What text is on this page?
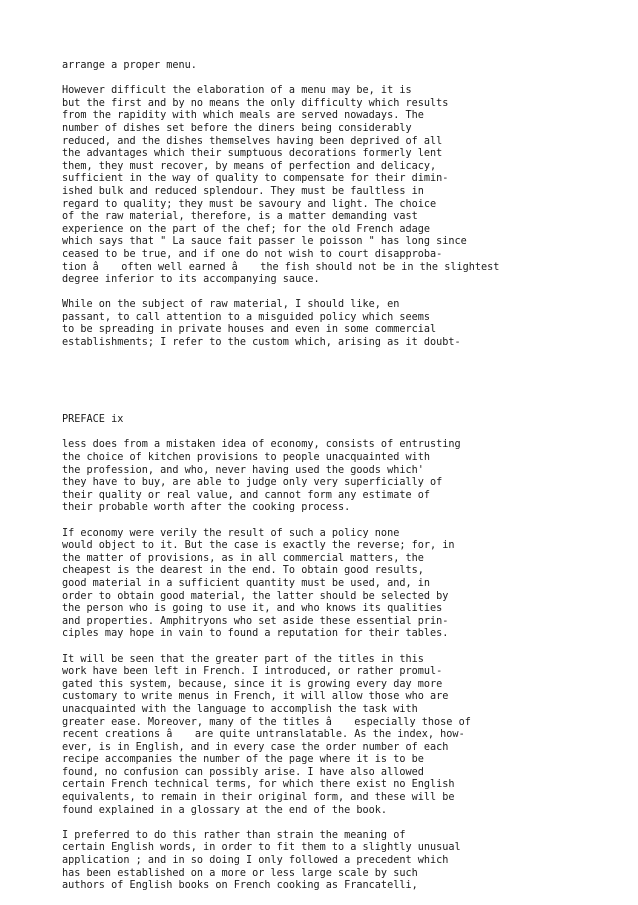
arrange a proper menu.
However difficult the elaboration of a menu may be, it is
but the first and by no means the only difficulty which results
from the rapidity with which meals are served nowadays. The
number of dishes set before the diners being considerably
reduced, and the dishes themselves having been deprived of all
the advantages which their sumptuous decorations formerly lent
them, they must recover, by means of perfection and delicacy,
sufficient in the way of quality to compensate for their dimin-
ished bulk and reduced splendour. They must be faultless in
regard to quality; they must be savoury and light. The choice
of the raw material, therefore, is a matter demanding vast
experience on the part of the chef; for the old French adage
which says that " La sauce fait passer le poisson " has long since
ceased to be true, and if one do not wish to court disapproba-
tion â often well earned â the fish should not be in the slightest
degree inferior to its accompanying sauce.
While on the subject of raw material, I should like, en
passant, to call attention to a misguided policy which seems
to be spreading in private houses and even in some commercial
establishments; I refer to the custom which, arising as it doubt-
PREFACE ix
less does from a mistaken idea of economy, consists of entrusting
the choice of kitchen provisions to people unacquainted with
the profession, and who, never having used the goods which'
they have to buy, are able to judge only very superficially of
their quality or real value, and cannot form any estimate of
their probable worth after the cooking process.
If economy were verily the result of such a policy none
would object to it. But the case is exactly the reverse; for, in
the matter of provisions, as in all commercial matters, the
cheapest is the dearest in the end. To obtain good results,
good material in a sufficient quantity must be used, and, in
order to obtain good material, the latter should be selected by
the person who is going to use it, and who knows its qualities
and properties. Amphitryons who set aside these essential prin-
ciples may hope in vain to found a reputation for their tables.
It will be seen that the greater part of the titles in this
work have been left in French. I introduced, or rather promul-
gated this system, because, since it is growing every day more
customary to write menus in French, it will allow those who are
unacquainted with the language to accomplish the task with
greater ease. Moreover, many of the titles â especially those of
recent creations â are quite untranslatable. As the index, how-
ever, is in English, and in every case the order number of each
recipe accompanies the number of the page where it is to be
found, no confusion can possibly arise. I have also allowed
certain French technical terms, for which there exist no English
equivalents, to remain in their original form, and these will be
found explained in a glossary at the end of the book.
I preferred to do this rather than strain the meaning of
certain English words, in order to fit them to a slightly unusual
application ; and in so doing I only followed a precedent which
has been established on a more or less large scale by such
authors of English books on French cooking as Francatelli,
